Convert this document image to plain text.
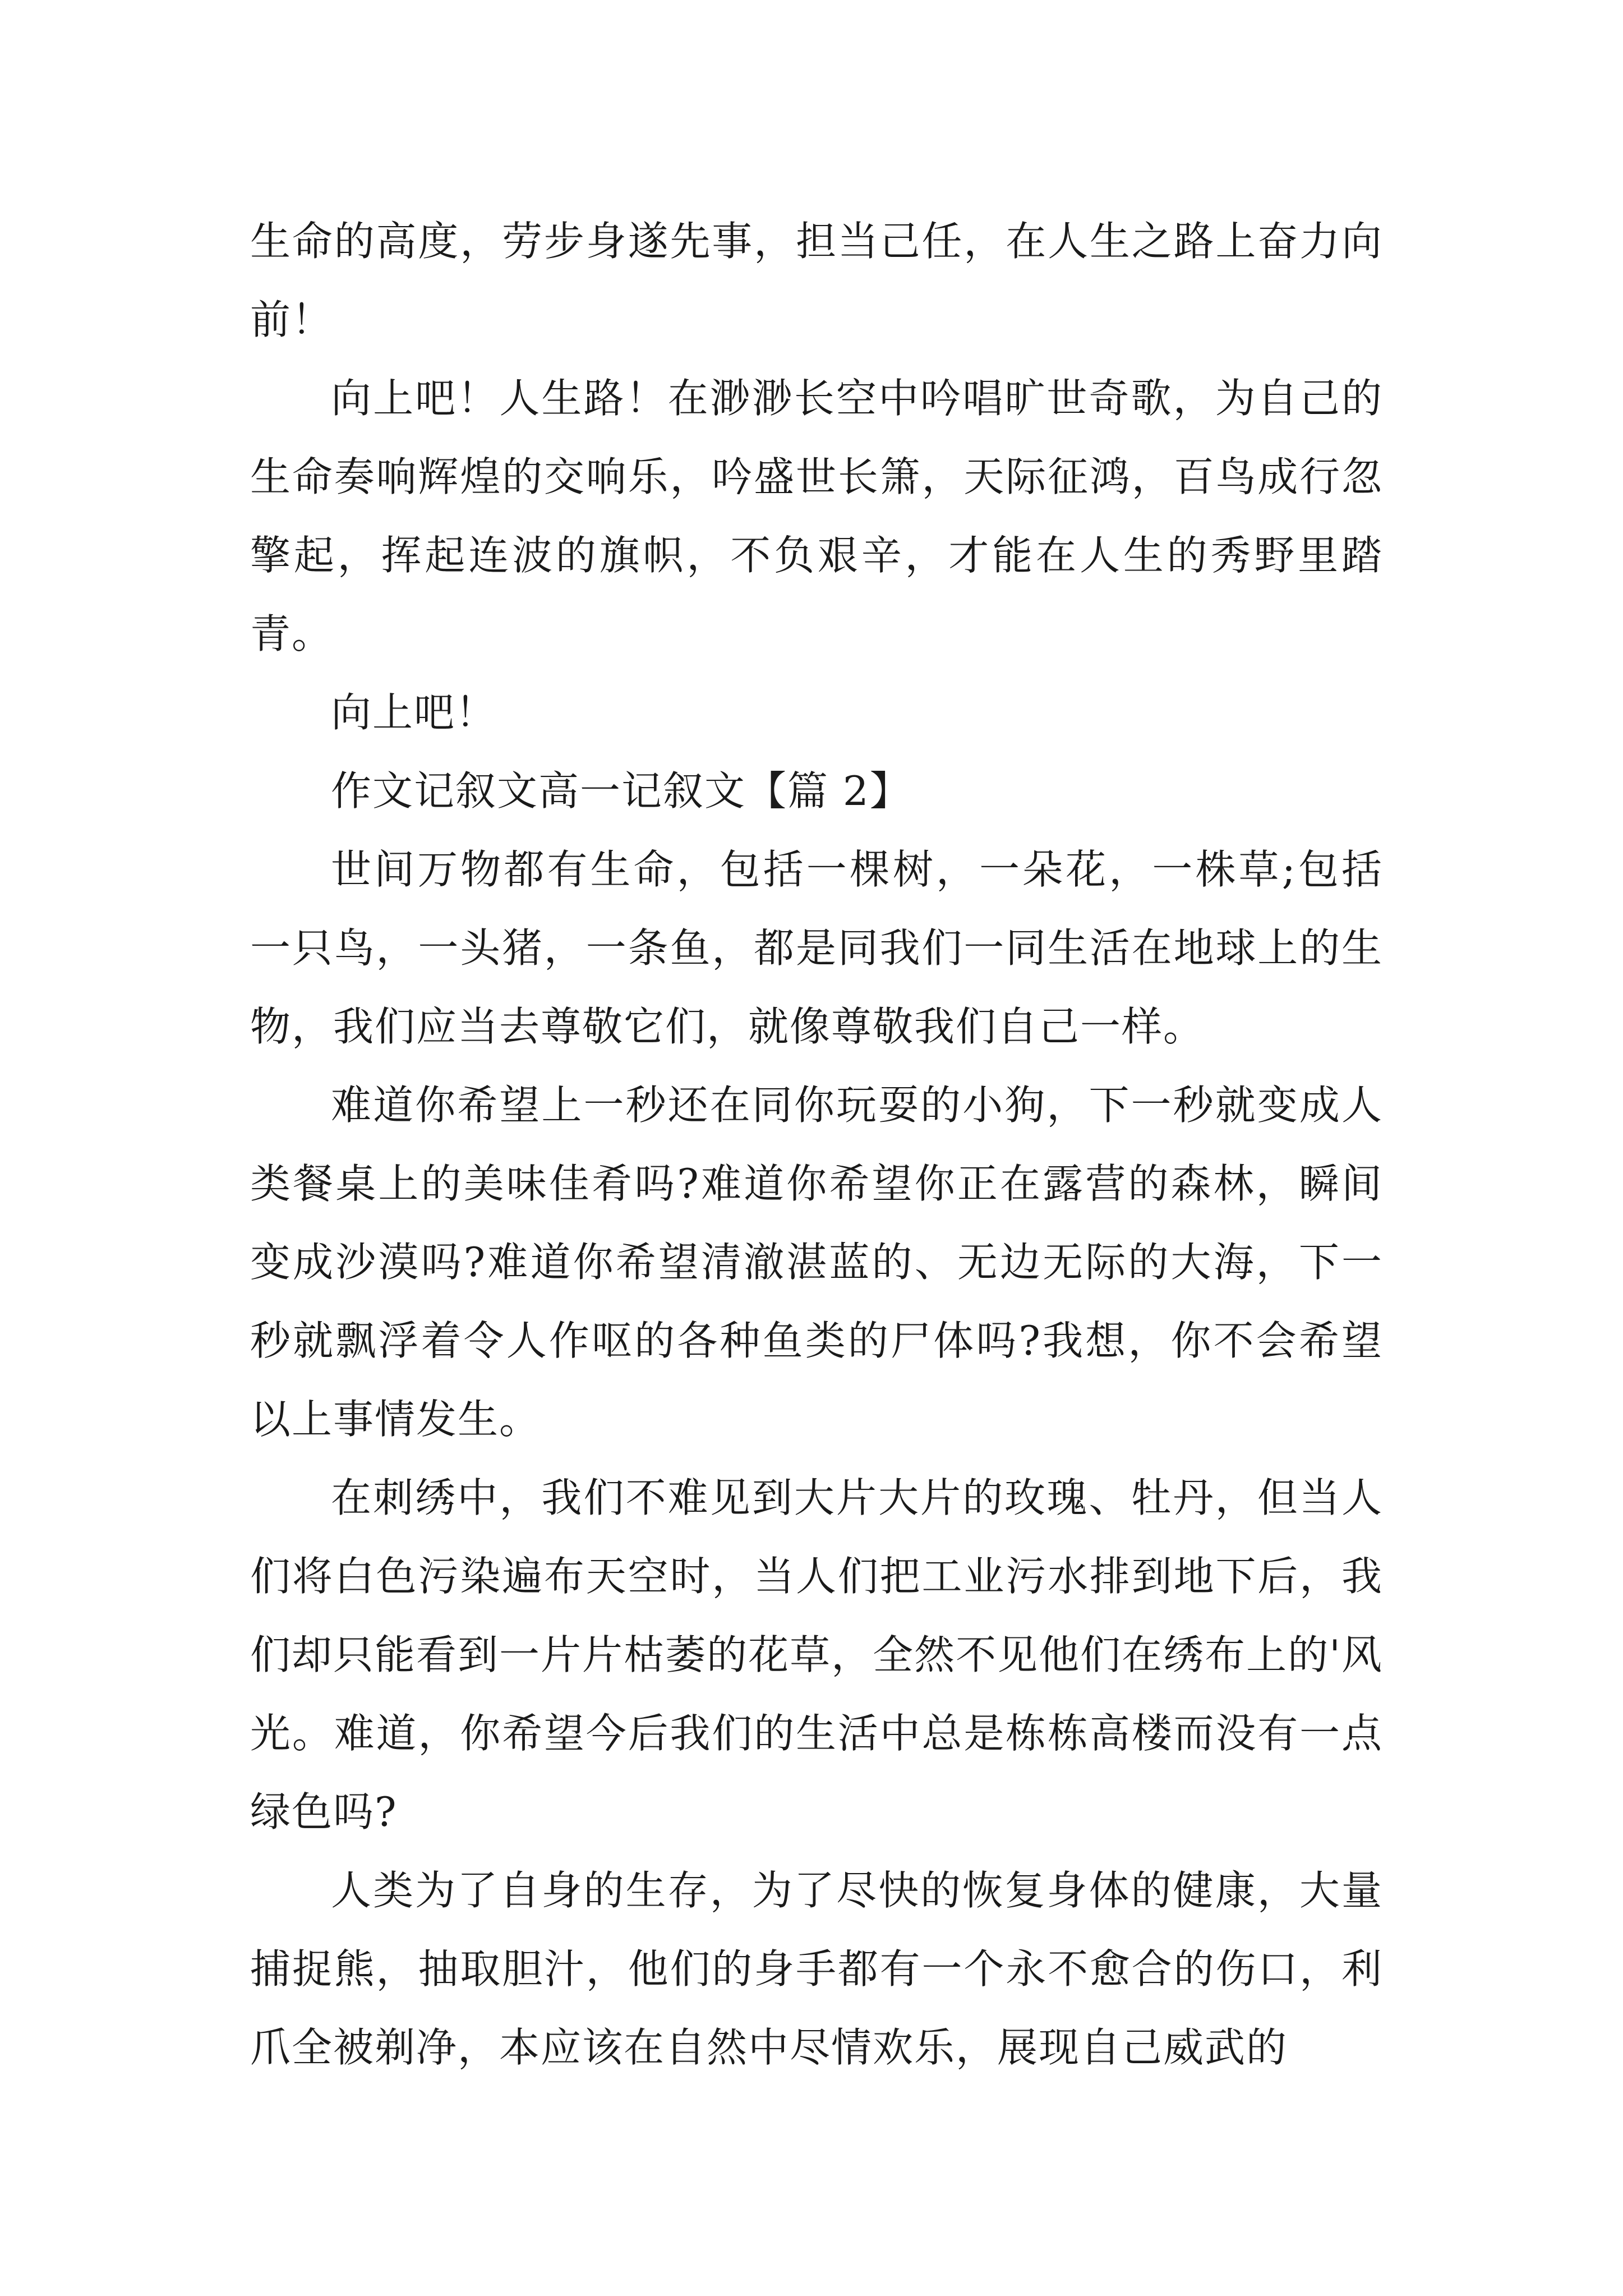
生命的高度，劳步身遂先事，担当己任，在人生之路上奋力向前！

向上吧！人生路！在渺渺长空中吟唱旷世奇歌，为自己的生命奏响辉煌的交响乐，吟盛世长箫，天际征鸿，百鸟成行忽擎起，挥起连波的旗帜，不负艰辛，才能在人生的秀野里踏青。

向上吧！

作文记叙文高一记叙文【篇 2】

世间万物都有生命，包括一棵树，一朵花，一株草;包括一只鸟，一头猪，一条鱼，都是同我们一同生活在地球上的生物，我们应当去尊敬它们，就像尊敬我们自己一样。

难道你希望上一秒还在同你玩耍的小狗，下一秒就变成人类餐桌上的美味佳肴吗?难道你希望你正在露营的森林，瞬间变成沙漠吗?难道你希望清澈湛蓝的、无边无际的大海，下一秒就飘浮着令人作呕的各种鱼类的尸体吗?我想，你不会希望以上事情发生。

在刺绣中，我们不难见到大片大片的玫瑰、牡丹，但当人们将白色污染遍布天空时，当人们把工业污水排到地下后，我们却只能看到一片片枯萎的花草，全然不见他们在绣布上的'风光。难道，你希望今后我们的生活中总是栋栋高楼而没有一点绿色吗?

人类为了自身的生存，为了尽快的恢复身体的健康，大量捕捉熊，抽取胆汁，他们的身手都有一个永不愈合的伤口，利爪全被剃净，本应该在自然中尽情欢乐，展现自己威武的
